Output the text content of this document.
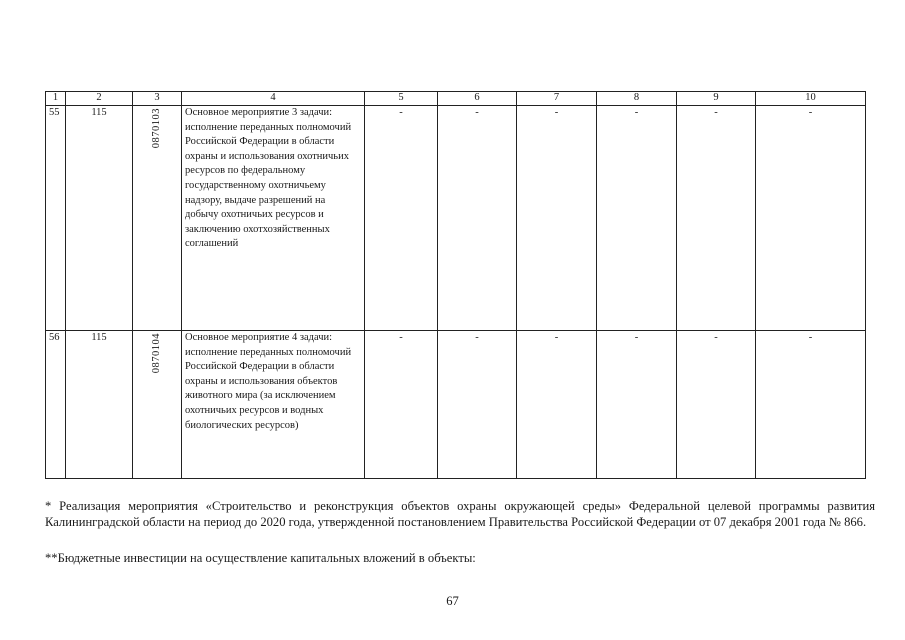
1	2	3	4	5	6	7	8	9	10
55	115	0870103	Основное мероприятие 3 задачи: исполнение переданных полномочий Российской Федерации в области охраны и использования охотничьих ресурсов по федеральному государственному охотничьему надзору, выдаче разрешений на добычу охотничьих ресурсов и заключению охотхозяйственных соглашений	-	-	-	-	-	-
56	115	0870104	Основное мероприятие 4 задачи: исполнение переданных полномочий Российской Федерации в области охраны и использования объектов животного мира (за исключением охотничьих ресурсов и водных биологических ресурсов)	-	-	-	-	-	-
* Реализация мероприятия «Строительство и реконструкция объектов охраны окружающей среды» Федеральной целевой программы развития Калининградской области на период до 2020 года, утвержденной постановлением Правительства Российской Федерации от 07 декабря 2001 года № 866.
**Бюджетные инвестиции на осуществление капитальных вложений в объекты:
67
